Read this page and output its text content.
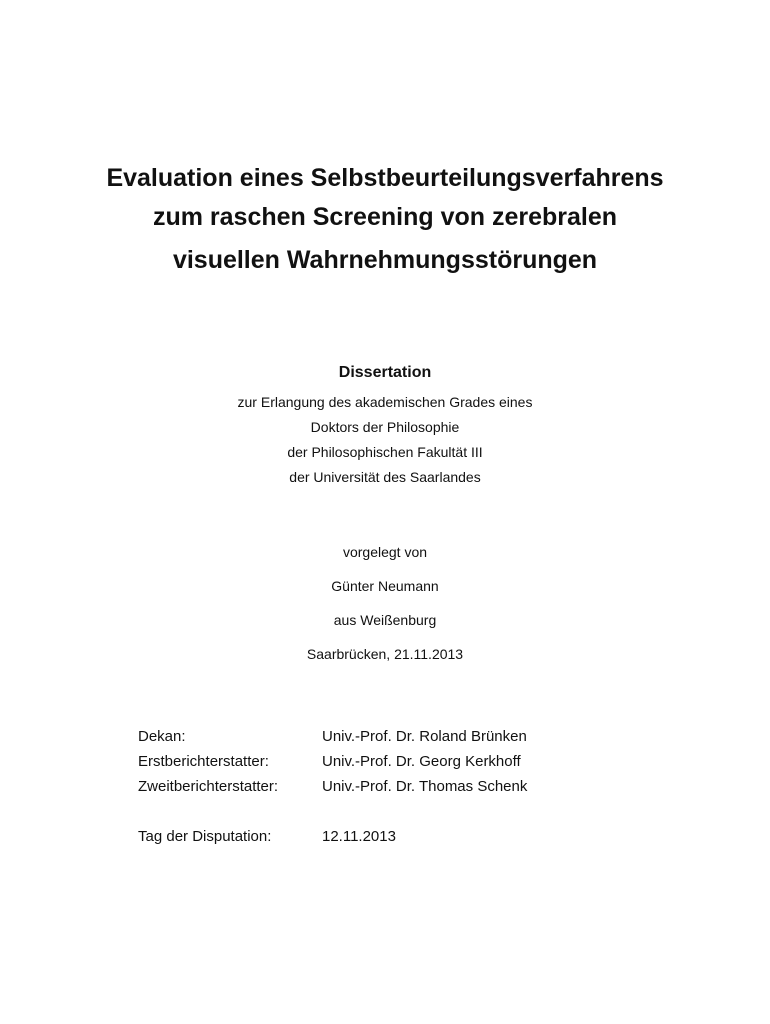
Evaluation eines Selbstbeurteilungsverfahrens
zum raschen Screening von zerebralen
visuellen Wahrnehmungsstörungen
Dissertation
zur Erlangung des akademischen Grades eines
Doktors der Philosophie
der Philosophischen Fakultät III
der Universität des Saarlandes
vorgelegt von
Günter Neumann
aus Weißenburg
Saarbrücken, 21.11.2013
Dekan:	Univ.-Prof. Dr. Roland Brünken
Erstberichterstatter:	Univ.-Prof. Dr. Georg Kerkhoff
Zweitberichterstatter:	Univ.-Prof. Dr. Thomas Schenk
Tag der Disputation:	12.11.2013
